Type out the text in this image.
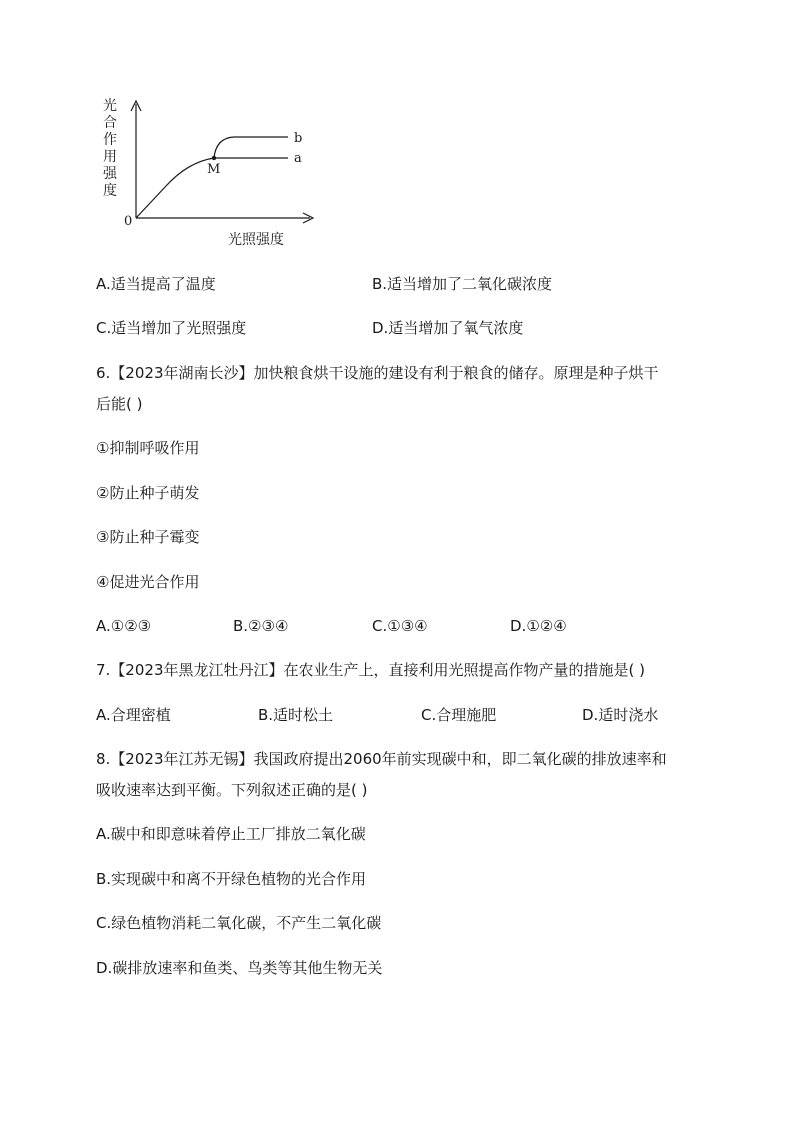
光
合
作
用
强
度
0
M
b
a
光照强度
A.适当提高了温度	B.适当增加了二氧化碳浓度
C.适当增加了光照强度	D.适当增加了氧气浓度
6.【2023年湖南长沙】加快粮食烘干设施的建设有利于粮食的储存。原理是种子烘干
后能( )
①抑制呼吸作用
②防止种子萌发
③防止种子霉变
④促进光合作用
A.①②③	B.②③④	C.①③④	D.①②④
7.【2023年黑龙江牡丹江】在农业生产上，直接利用光照提高作物产量的措施是( )
A.合理密植	B.适时松土	C.合理施肥	D.适时浇水
8.【2023年江苏无锡】我国政府提出2060年前实现碳中和，即二氧化碳的排放速率和
吸收速率达到平衡。下列叙述正确的是( )
A.碳中和即意味着停止工厂排放二氧化碳
B.实现碳中和离不开绿色植物的光合作用
C.绿色植物消耗二氧化碳，不产生二氧化碳
D.碳排放速率和鱼类、鸟类等其他生物无关
